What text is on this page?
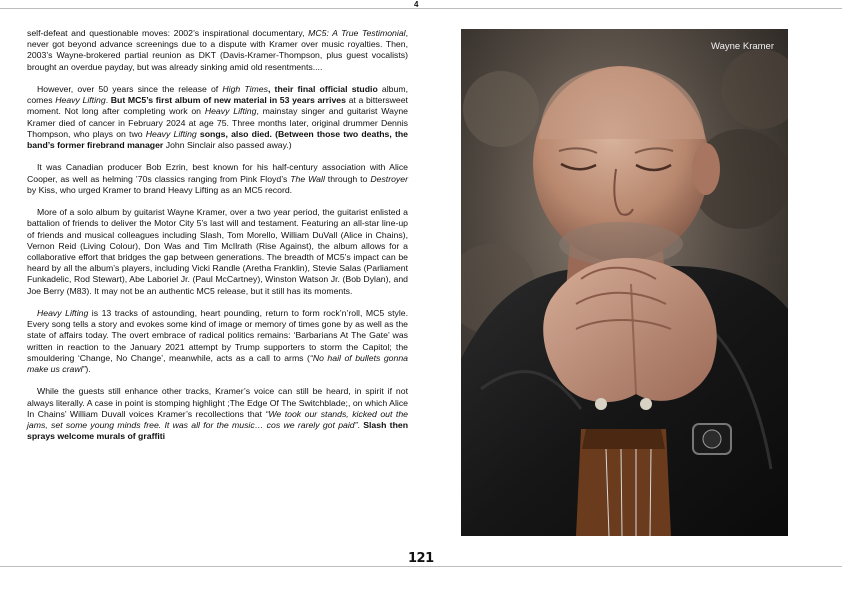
4

self-defeat and questionable moves: 2002’s inspirational documentary, MC5: A True Testimonial, never got beyond advance screenings due to a dispute with Kramer over music royalties. Then, 2003’s Wayne-brokered partial reunion as DKT (Davis-Kramer-Thompson, plus guest vocalists) brought an overdue payday, but was already sinking amid old resentments....

However, over 50 years since the release of High Times, their final official studio album, comes Heavy Lifting. But MC5’s first album of new material in 53 years arrives at a bittersweet moment. Not long after completing work on Heavy Lifting, mainstay singer and guitarist Wayne Kramer died of cancer in February 2024 at age 75. Three months later, original drummer Dennis Thompson, who plays on two Heavy Lifting songs, also died. (Between those two deaths, the band’s former firebrand manager John Sinclair also passed away.)

It was Canadian producer Bob Ezrin, best known for his half-century association with Alice Cooper, as well as helming ’70s classics ranging from Pink Floyd’s The Wall through to Destroyer by Kiss, who urged Kramer to brand Heavy Lifting as an MC5 record.

More of a solo album by guitarist Wayne Kramer, over a two year period, the guitarist enlisted a battalion of friends to deliver the Motor City 5’s last will and testament. Featuring an all-star line-up of friends and musical colleagues including Slash, Tom Morello, William DuVall (Alice in Chains), Vernon Reid (Living Colour), Don Was and Tim McIlrath (Rise Against), the album allows for a collaborative effort that bridges the gap between generations. The breadth of MC5’s impact can be heard by all the album’s players, including Vicki Randle (Aretha Franklin), Stevie Salas (Parliament Funkadelic, Rod Stewart), Abe Laboriel Jr. (Paul McCartney), Winston Watson Jr. (Bob Dylan), and Joe Berry (M83). It may not be an authentic MC5 release, but it still has its moments.

Heavy Lifting is 13 tracks of astounding, heart pounding, return to form rock’n’roll, MC5 style. Every song tells a story and evokes some kind of image or memory of times gone by as well as the state of affairs today. The overt embrace of radical politics remains: ‘Barbarians At The Gate’ was written in reaction to the January 2021 attempt by Trump supporters to storm the Capitol; the smouldering ‘Change, No Change’, meanwhile, acts as a call to arms (“No hail of bullets gonna make us crawl”).

While the guests still enhance other tracks, Kramer’s voice can still be heard, in spirit if not always literally. A case in point is stomping highlight ;The Edge Of The Switchblade;, on which Alice In Chains’ William Duvall voices Kramer’s recollections that “We took our stands, kicked out the jams, set some young minds free. It was all for the music… cos we rarely got paid”. Slash then sprays welcome murals of graffiti

Wayne Kramer
121
